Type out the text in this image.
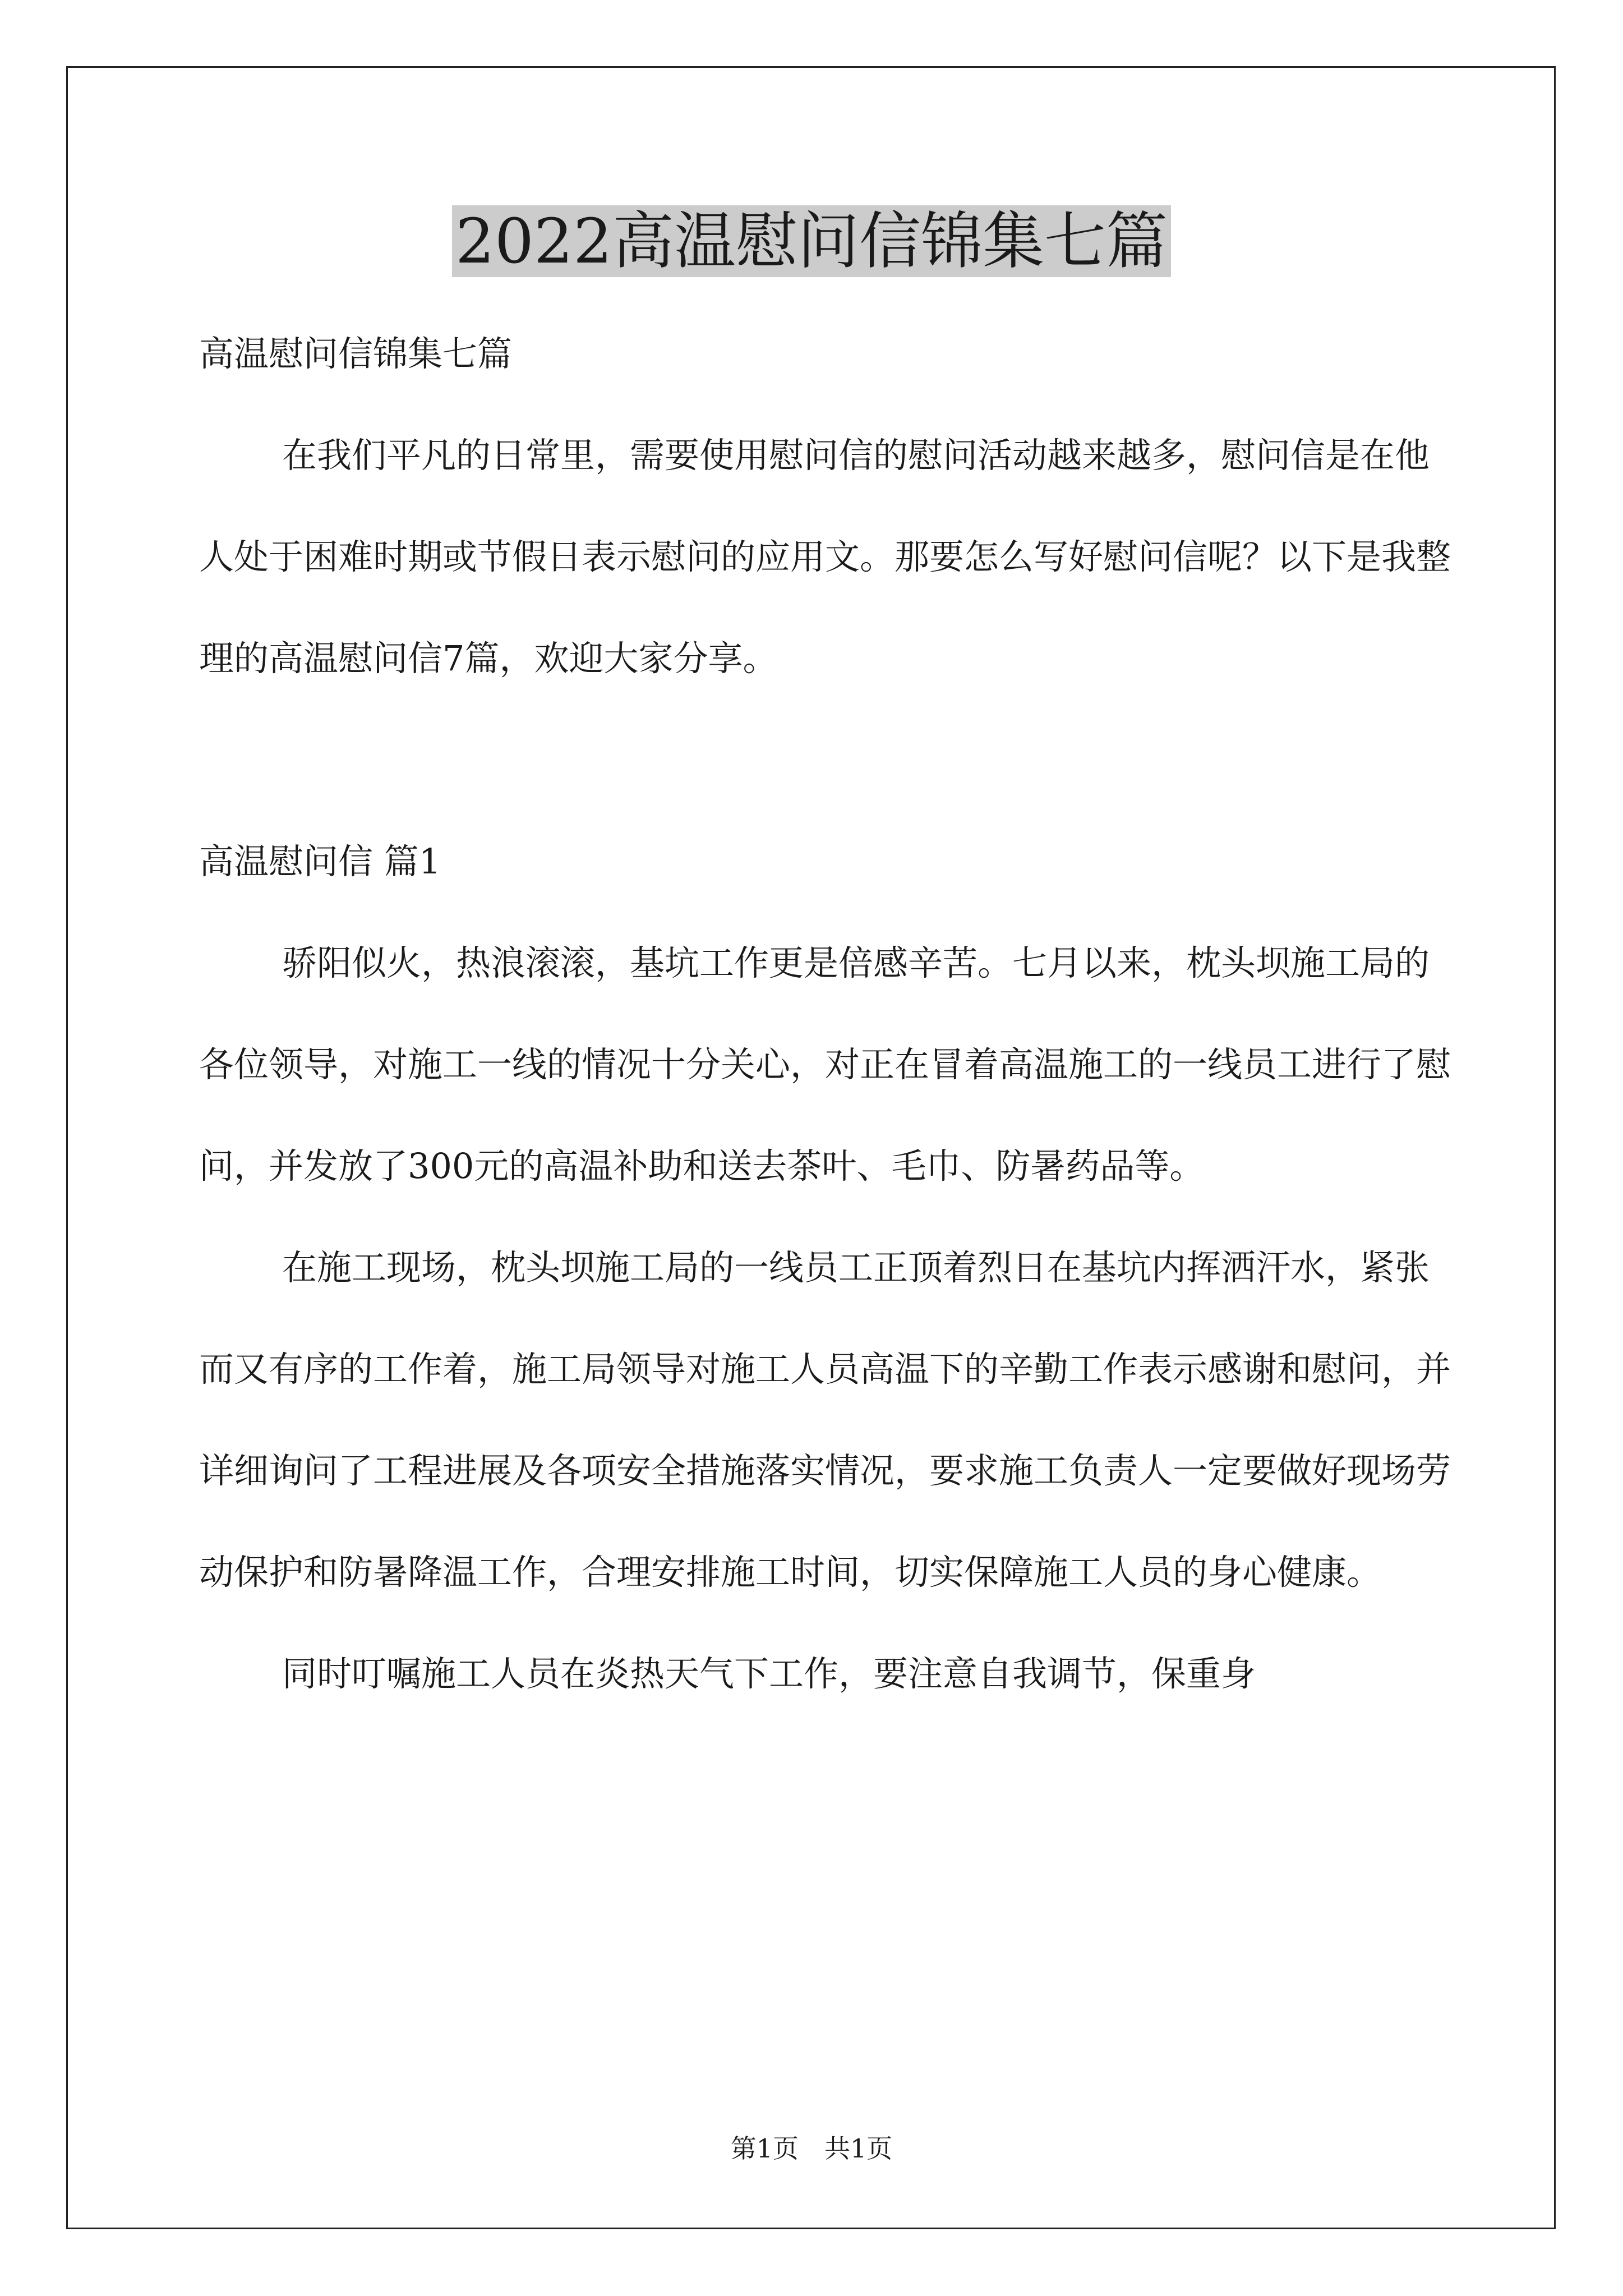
2022高温慰问信锦集七篇

高温慰问信锦集七篇

在我们平凡的日常里，需要使用慰问信的慰问活动越来越多，慰问信是在他人处于困难时期或节假日表示慰问的应用文。那要怎么写好慰问信呢？以下是我整理的高温慰问信7篇，欢迎大家分享。

高温慰问信 篇1

骄阳似火，热浪滚滚，基坑工作更是倍感辛苦。七月以来，枕头坝施工局的各位领导，对施工一线的情况十分关心，对正在冒着高温施工的一线员工进行了慰问，并发放了300元的高温补助和送去茶叶、毛巾、防暑药品等。

在施工现场，枕头坝施工局的一线员工正顶着烈日在基坑内挥洒汗水，紧张而又有序的工作着，施工局领导对施工人员高温下的辛勤工作表示感谢和慰问，并详细询问了工程进展及各项安全措施落实情况，要求施工负责人一定要做好现场劳动保护和防暑降温工作，合理安排施工时间，切实保障施工人员的身心健康。

同时叮嘱施工人员在炎热天气下工作，要注意自我调节，保重身

第1页　共1页
